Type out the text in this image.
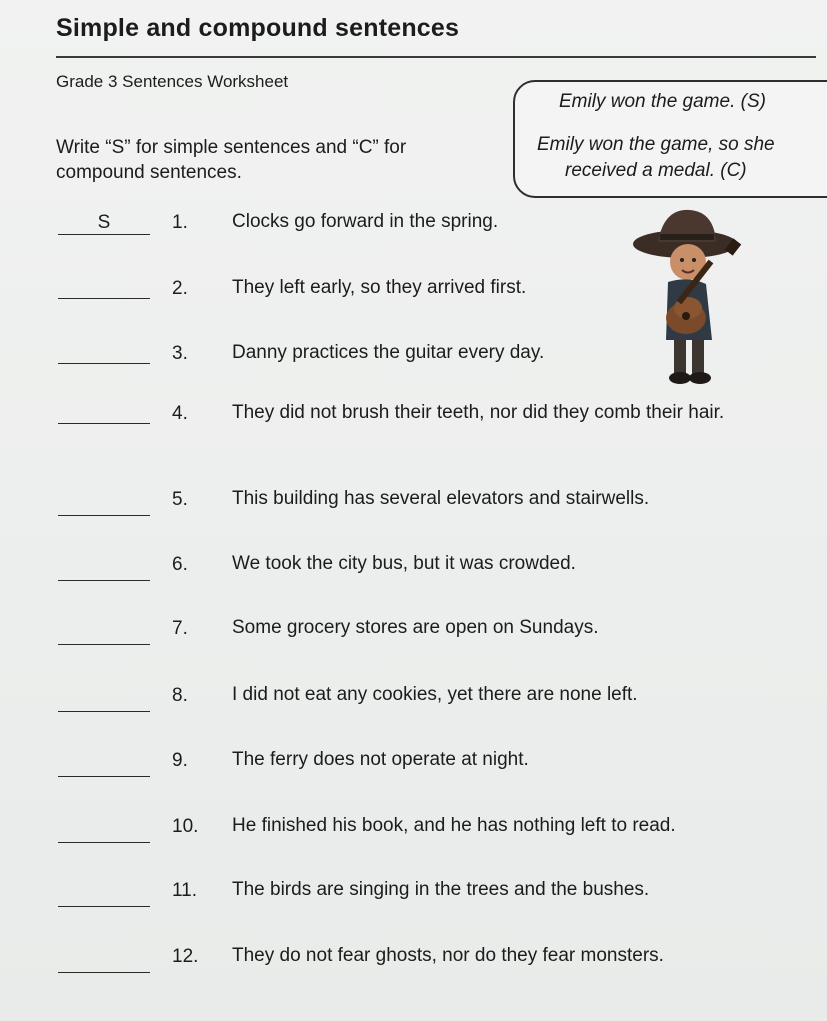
Simple and compound sentences
Grade 3 Sentences Worksheet
Write “S” for simple sentences and “C” for compound sentences.
Emily won the game. (S)
Emily won the game, so she
received a medal. (C)
S	1. Clocks go forward in the spring.
2. They left early, so they arrived first.
3. Danny practices the guitar every day.
4. They did not brush their teeth, nor did they comb their hair.
5. This building has several elevators and stairwells.
6. We took the city bus, but it was crowded.
7. Some grocery stores are open on Sundays.
8. I did not eat any cookies, yet there are none left.
9. The ferry does not operate at night.
10. He finished his book, and he has nothing left to read.
11. The birds are singing in the trees and the bushes.
12. They do not fear ghosts, nor do they fear monsters.
